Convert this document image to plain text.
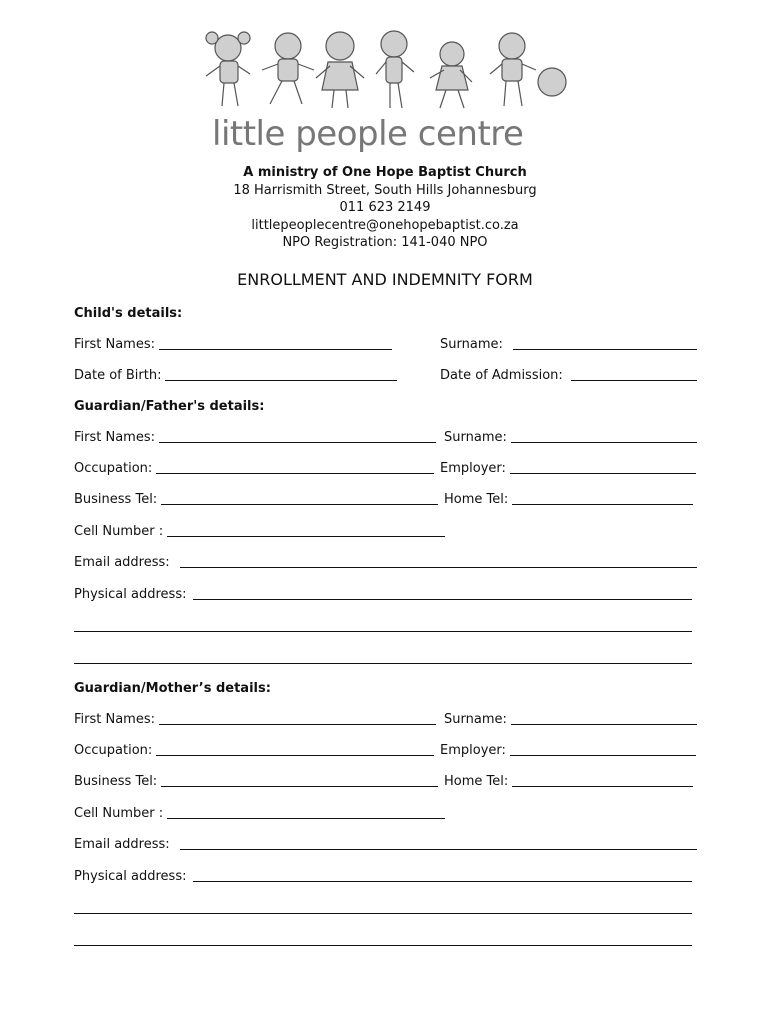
little people centre
A ministry of One Hope Baptist Church
18 Harrismith Street, South Hills Johannesburg
011 623 2149
littlepeoplecentre@onehopebaptist.co.za
NPO Registration: 141-040 NPO
ENROLLMENT AND INDEMNITY FORM
Child's details:
First Names:	Surname:
Date of Birth:	Date of Admission:
Guardian/Father's details:
First Names:	Surname:
Occupation:	Employer:
Business Tel:	Home Tel:
Cell Number :
Email address:
Physical address:
Guardian/Mother’s details:
First Names:	Surname:
Occupation:	Employer:
Business Tel:	Home Tel:
Cell Number :
Email address:
Physical address:
